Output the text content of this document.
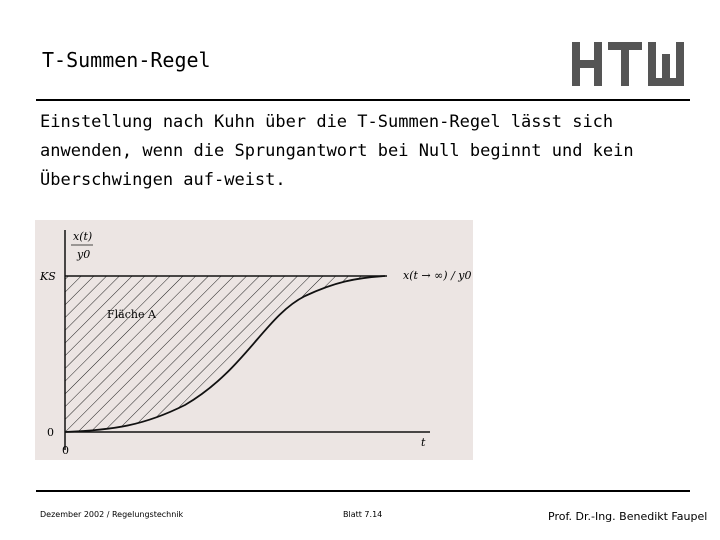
T-Summen-Regel
Einstellung nach Kuhn über die T-Summen-Regel lässt sich anwenden, wenn die Sprungantwort bei Null beginnt und kein Überschwingen auf-weist.
x(t)
y0
KS	x(t → ∞) / y0
Fläche A
0
0
t
Dezember 2002 / Regelungstechnik	Blatt 7.14	Prof. Dr.-Ing. Benedikt Faupel
